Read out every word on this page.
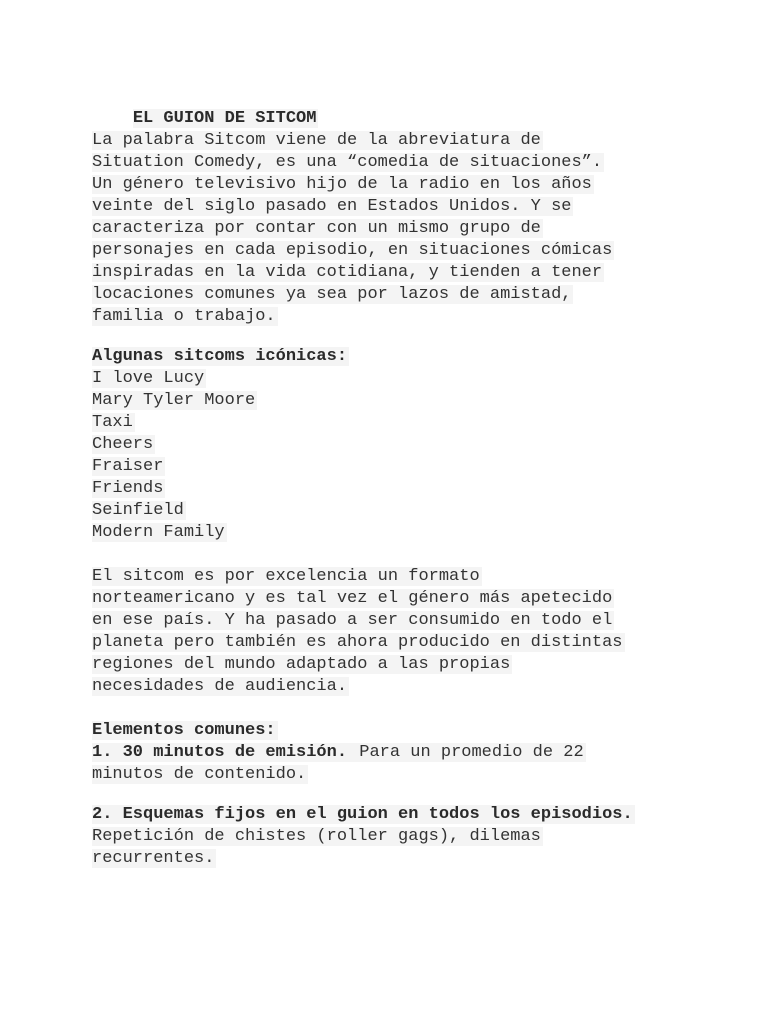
EL GUION DE SITCOM

La palabra Sitcom viene de la abreviatura de
Situation Comedy, es una “comedia de situaciones”.
Un género televisivo hijo de la radio en los años
veinte del siglo pasado en Estados Unidos. Y se
caracteriza por contar con un mismo grupo de
personajes en cada episodio, en situaciones cómicas
inspiradas en la vida cotidiana, y tienden a tener
locaciones comunes ya sea por lazos de amistad,
familia o trabajo.
Algunas sitcoms icónicas:
I love Lucy
Mary Tyler Moore
Taxi
Cheers
Fraiser
Friends
Seinfield
Modern Family
El sitcom es por excelencia un formato
norteamericano y es tal vez el género más apetecido
en ese país. Y ha pasado a ser consumido en todo el
planeta pero también es ahora producido en distintas
regiones del mundo adaptado a las propias
necesidades de audiencia.
Elementos comunes:
1. 30 minutos de emisión. Para un promedio de 22
minutos de contenido.
2. Esquemas fijos en el guion en todos los episodios.
Repetición de chistes (roller gags), dilemas
recurrentes.
